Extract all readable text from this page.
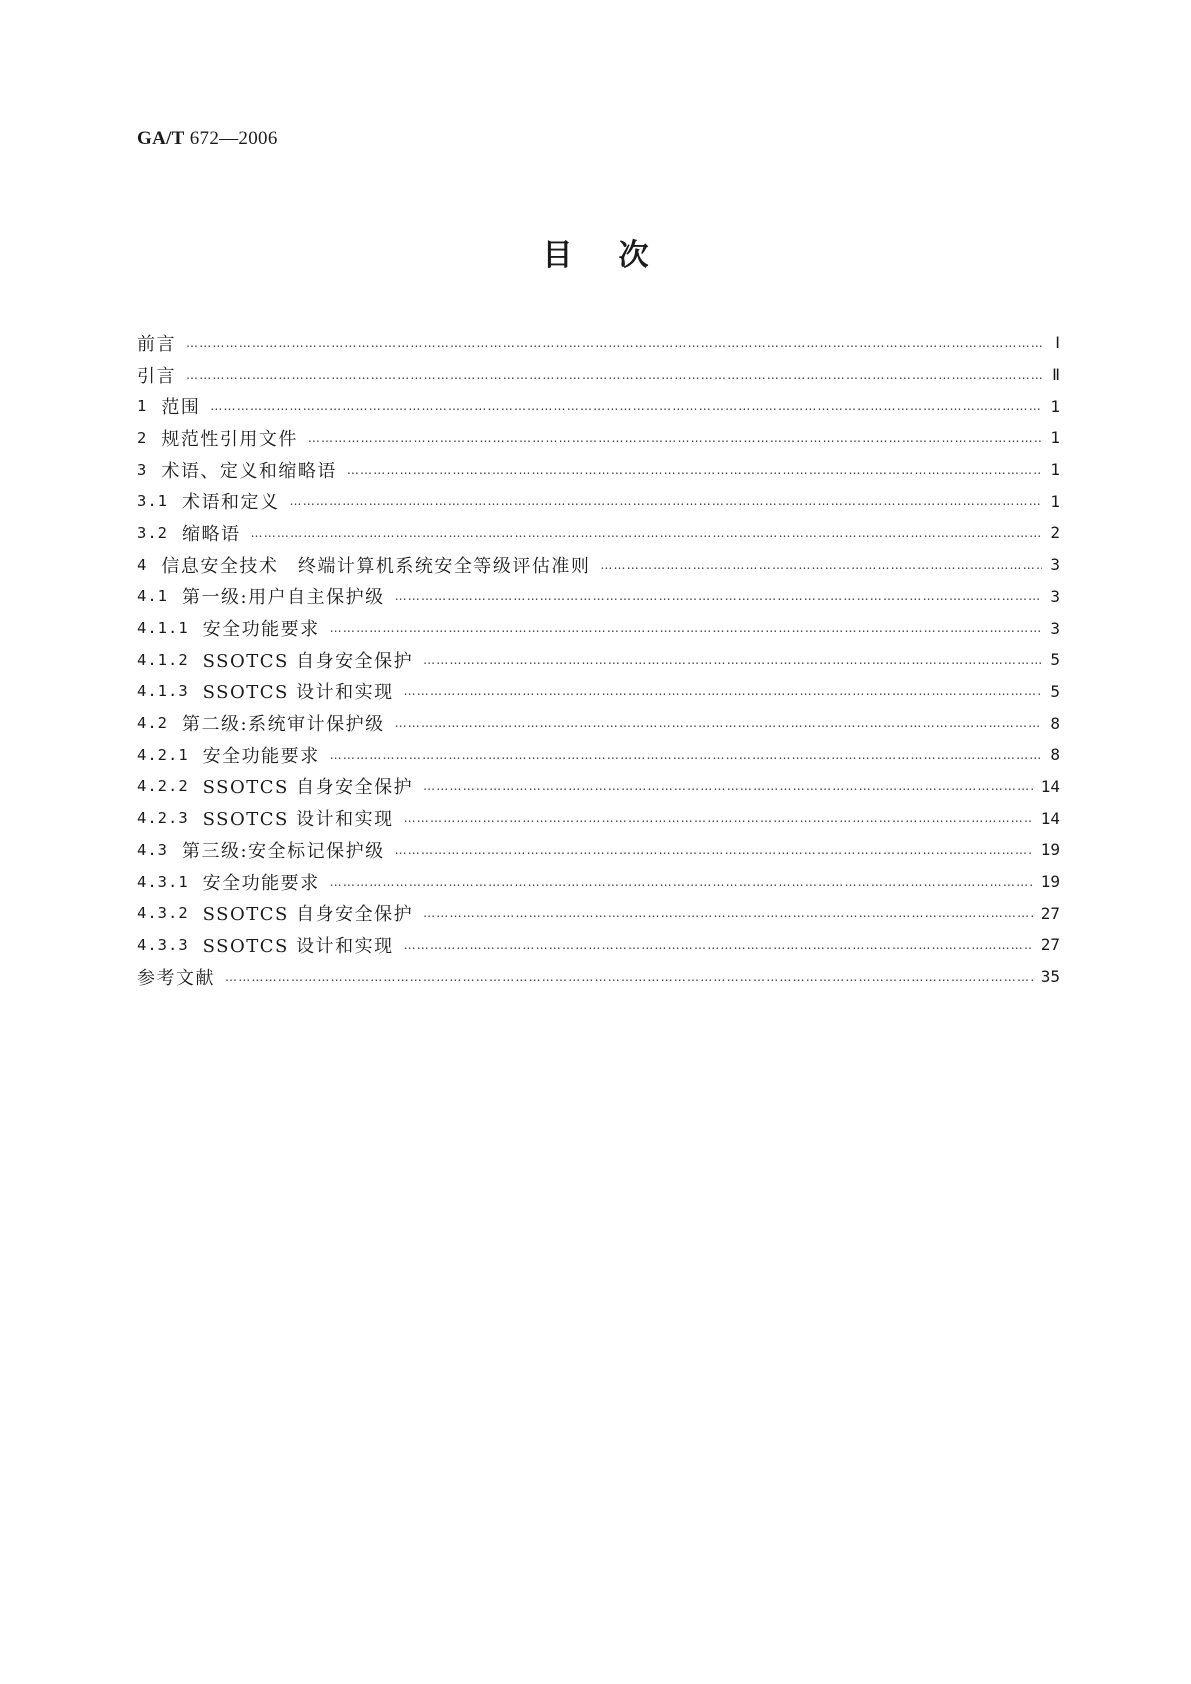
GA/T 672—2006
目次
前言 …………………………………………………………………………………………………………………………………………………………………………………………………………………………	Ⅰ
引言 …………………………………………………………………………………………………………………………………………………………………………………………………………………………	Ⅱ
1 范围 …………………………………………………………………………………………………………………………………………………………………………………………………………………………	1
2 规范性引用文件 …………………………………………………………………………………………………………………………………………………………………………………………………………………………	1
3 术语、定义和缩略语 …………………………………………………………………………………………………………………………………………………………………………………………………………………………	1
3.1 术语和定义 …………………………………………………………………………………………………………………………………………………………………………………………………………………………	1
3.2 缩略语 …………………………………………………………………………………………………………………………………………………………………………………………………………………………	2
4 信息安全技术　终端计算机系统安全等级评估准则 …………………………………………………………………………………………………………………………………………………………………………………………………………………………	3
4.1 第一级:用户自主保护级 …………………………………………………………………………………………………………………………………………………………………………………………………………………………	3
4.1.1 安全功能要求 …………………………………………………………………………………………………………………………………………………………………………………………………………………………	3
4.1.2 SSOTCS 自身安全保护 …………………………………………………………………………………………………………………………………………………………………………………………………………………………	5
4.1.3 SSOTCS 设计和实现 …………………………………………………………………………………………………………………………………………………………………………………………………………………………	5
4.2 第二级:系统审计保护级 …………………………………………………………………………………………………………………………………………………………………………………………………………………………	8
4.2.1 安全功能要求 …………………………………………………………………………………………………………………………………………………………………………………………………………………………	8
4.2.2 SSOTCS 自身安全保护 …………………………………………………………………………………………………………………………………………………………………………………………………………………………	14
4.2.3 SSOTCS 设计和实现 …………………………………………………………………………………………………………………………………………………………………………………………………………………………	14
4.3 第三级:安全标记保护级 …………………………………………………………………………………………………………………………………………………………………………………………………………………………	19
4.3.1 安全功能要求 …………………………………………………………………………………………………………………………………………………………………………………………………………………………	19
4.3.2 SSOTCS 自身安全保护 …………………………………………………………………………………………………………………………………………………………………………………………………………………………	27
4.3.3 SSOTCS 设计和实现 …………………………………………………………………………………………………………………………………………………………………………………………………………………………	27
参考文献 …………………………………………………………………………………………………………………………………………………………………………………………………………………………	35
